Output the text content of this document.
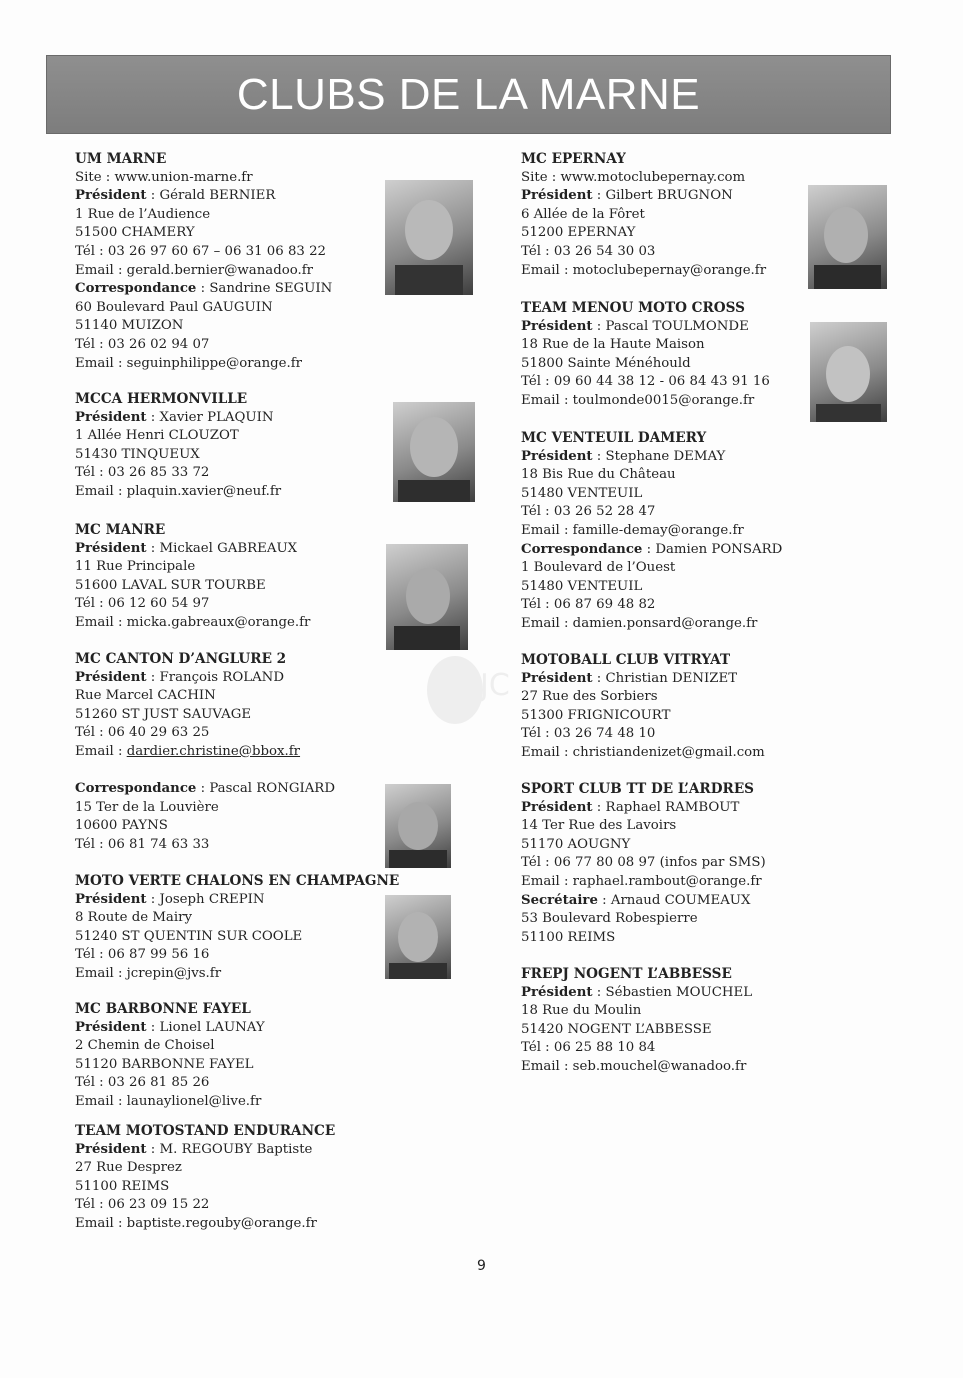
CLUBS DE LA MARNE
UM MARNE
Site : www.union-marne.fr
Président : Gérald BERNIER
1 Rue de l’Audience
51500 CHAMERY
Tél : 03 26 97 60 67 – 06 31 06 83 22
Email : gerald.bernier@wanadoo.fr
Correspondance : Sandrine SEGUIN
60 Boulevard Paul GAUGUIN
51140 MUIZON
Tél : 03 26 02 94 07
Email : seguinphilippe@orange.fr
MCCA HERMONVILLE
Président : Xavier PLAQUIN
1 Allée Henri CLOUZOT
51430 TINQUEUX
Tél : 03 26 85 33 72
Email : plaquin.xavier@neuf.fr
MC MANRE
Président : Mickael GABREAUX
11 Rue Principale
51600 LAVAL SUR TOURBE
Tél : 06 12 60 54 97
Email : micka.gabreaux@orange.fr
MC CANTON D’ANGLURE 2
Président : François ROLAND
Rue Marcel CACHIN
51260 ST JUST SAUVAGE
Tél : 06 40 29 63 25
Email : dardier.christine@bbox.fr
Correspondance : Pascal RONGIARD
15 Ter de la Louvière
10600 PAYNS
Tél : 06 81 74 63 33
MOTO VERTE CHALONS EN CHAMPAGNE
Président : Joseph CREPIN
8 Route de Mairy
51240 ST QUENTIN SUR COOLE
Tél : 06 87 99 56 16
Email : jcrepin@jvs.fr
MC BARBONNE FAYEL
Président : Lionel LAUNAY
2 Chemin de Choisel
51120 BARBONNE FAYEL
Tél : 03 26 81 85 26
Email : launaylionel@live.fr
TEAM MOTOSTAND ENDURANCE
Président : M. REGOUBY Baptiste
27 Rue Desprez
51100 REIMS
Tél : 06 23 09 15 22
Email : baptiste.regouby@orange.fr
MC EPERNAY
Site : www.motoclubepernay.com
Président : Gilbert BRUGNON
6 Allée de la Fôret
51200 EPERNAY
Tél : 03 26 54 30 03
Email : motoclubepernay@orange.fr
TEAM MENOU MOTO CROSS
Président : Pascal TOULMONDE
18 Rue de la Haute Maison
51800 Sainte Ménéhould
Tél : 09 60 44 38 12 - 06 84 43 91 16
Email : toulmonde0015@orange.fr
MC VENTEUIL DAMERY
Président : Stephane DEMAY
18 Bis Rue du Château
51480 VENTEUIL
Tél : 03 26 52 28 47
Email : famille-demay@orange.fr
Correspondance : Damien PONSARD
1 Boulevard de l’Ouest
51480 VENTEUIL
Tél : 06 87 69 48 82
Email : damien.ponsard@orange.fr
MOTOBALL CLUB VITRYAT
Président : Christian DENIZET
27 Rue des Sorbiers
51300 FRIGNICOURT
Tél : 03 26 74 48 10
Email : christiandenizet@gmail.com
SPORT CLUB TT DE L’ARDRES
Président : Raphael RAMBOUT
14 Ter Rue des Lavoirs
51170 AOUGNY
Tél : 06 77 80 08 97 (infos par SMS)
Email : raphael.rambout@orange.fr
Secrétaire : Arnaud COUMEAUX
53 Boulevard Robespierre
51100 REIMS
FREPJ NOGENT L’ABBESSE
Président : Sébastien MOUCHEL
18 Rue du Moulin
51420 NOGENT L’ABBESSE
Tél : 06 25 88 10 84
Email : seb.mouchel@wanadoo.fr
JC
9
